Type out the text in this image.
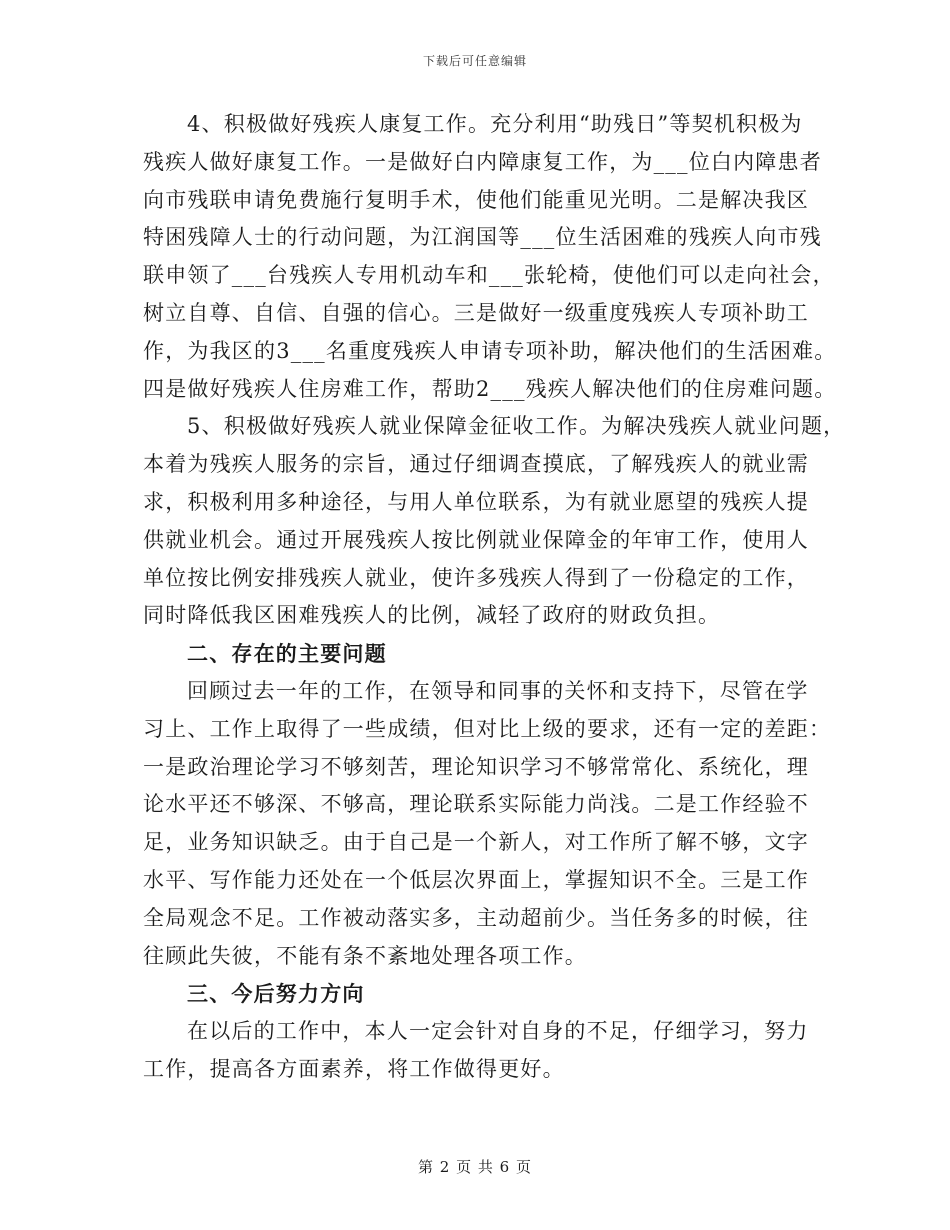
下载后可任意编辑

4、积极做好残疾人康复工作。充分利用“助残日”等契机积极为
残疾人做好康复工作。一是做好白内障康复工作，为___位白内障患者
向市残联申请免费施行复明手术，使他们能重见光明。二是解决我区
特困残障人士的行动问题，为江润国等___位生活困难的残疾人向市残
联申领了___台残疾人专用机动车和___张轮椅，使他们可以走向社会，
树立自尊、自信、自强的信心。三是做好一级重度残疾人专项补助工
作，为我区的3___名重度残疾人申请专项补助，解决他们的生活困难。
四是做好残疾人住房难工作，帮助2___残疾人解决他们的住房难问题。

5、积极做好残疾人就业保障金征收工作。为解决残疾人就业问题，
本着为残疾人服务的宗旨，通过仔细调查摸底，了解残疾人的就业需
求，积极利用多种途径，与用人单位联系，为有就业愿望的残疾人提
供就业机会。通过开展残疾人按比例就业保障金的年审工作，使用人
单位按比例安排残疾人就业，使许多残疾人得到了一份稳定的工作，
同时降低我区困难残疾人的比例，减轻了政府的财政负担。

二、存在的主要问题

回顾过去一年的工作，在领导和同事的关怀和支持下，尽管在学
习上、工作上取得了一些成绩，但对比上级的要求，还有一定的差距：
一是政治理论学习不够刻苦，理论知识学习不够常常化、系统化，理
论水平还不够深、不够高，理论联系实际能力尚浅。二是工作经验不
足，业务知识缺乏。由于自己是一个新人，对工作所了解不够，文字
水平、写作能力还处在一个低层次界面上，掌握知识不全。三是工作
全局观念不足。工作被动落实多，主动超前少。当任务多的时候，往
往顾此失彼，不能有条不紊地处理各项工作。

三、今后努力方向

在以后的工作中，本人一定会针对自身的不足，仔细学习，努力
工作，提高各方面素养，将工作做得更好。

第 2 页 共 6 页
